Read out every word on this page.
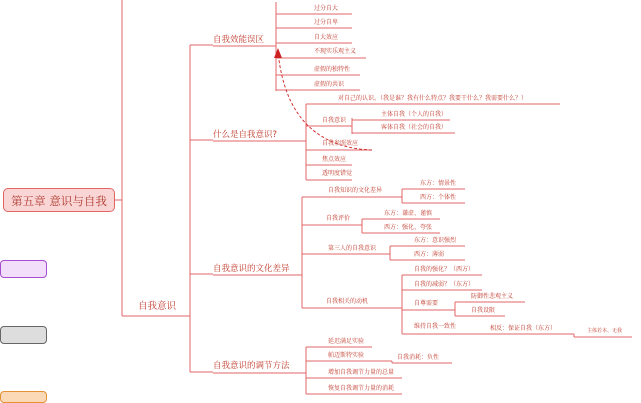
第五章 意识与自我
自我意识
自我效能误区
过分自大
过分自卑
自大效应
不现实乐观主义
虚假的独特性
虚假的共识
什么是自我意识?
对自己的认识。（我是谁？我有什么特点？我要干什么？我需要什么？）
自我意识
主体自我（个人的自我）
客体自我（社会的自我）
自我参照效应
焦点效应
透明度错觉
自我意识的文化差异
自我知识的文化差异
东方：情景性
西方：个体性
自我评价
东方：谦虚、谨慎
西方：强化、夸张
第三人的自我意识
东方：意识强烈
西方：薄弱
自我相关的动机
自我的强化？（西方）
自我的减弱？（东方）
自尊需要
防御性悲观主义
自我设限
维持自我一致性	相反：保证自我（东方）	主体若本、无我
自我意识的调节方法
延迟满足实验
帕迈斯特实验	自我消耗：负性
增加自我调节力量的总量
恢复自我调节力量的消耗
